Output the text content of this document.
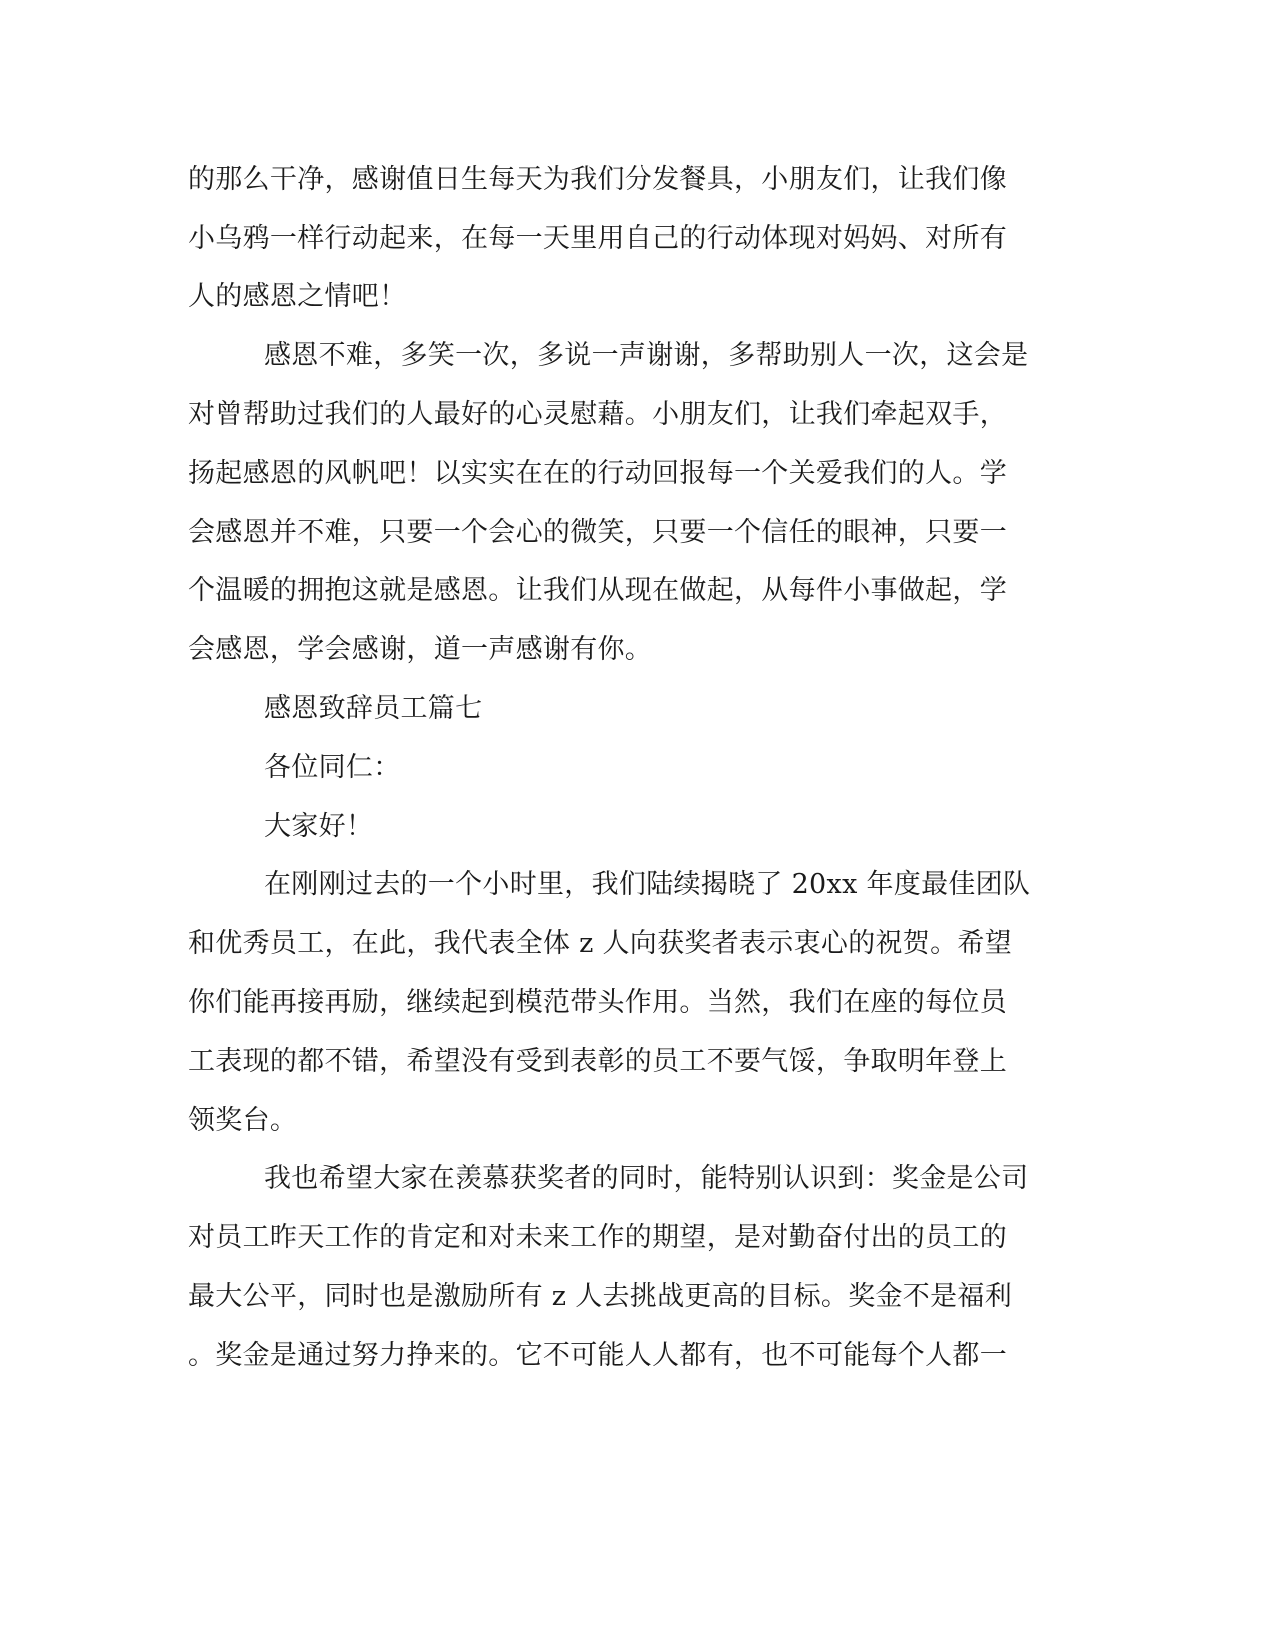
的那么干净，感谢值日生每天为我们分发餐具，小朋友们，让我们像
小乌鸦一样行动起来，在每一天里用自己的行动体现对妈妈、对所有
人的感恩之情吧！
感恩不难，多笑一次，多说一声谢谢，多帮助别人一次，这会是
对曾帮助过我们的人最好的心灵慰藉。小朋友们，让我们牵起双手，
扬起感恩的风帆吧！以实实在在的行动回报每一个关爱我们的人。学
会感恩并不难，只要一个会心的微笑，只要一个信任的眼神，只要一
个温暖的拥抱这就是感恩。让我们从现在做起，从每件小事做起，学
会感恩，学会感谢，道一声感谢有你。
感恩致辞员工篇七
各位同仁：
大家好！
在刚刚过去的一个小时里，我们陆续揭晓了 20xx 年度最佳团队
和优秀员工，在此，我代表全体 z 人向获奖者表示衷心的祝贺。希望
你们能再接再励，继续起到模范带头作用。当然，我们在座的每位员
工表现的都不错，希望没有受到表彰的员工不要气馁，争取明年登上
领奖台。
我也希望大家在羡慕获奖者的同时，能特别认识到：奖金是公司
对员工昨天工作的肯定和对未来工作的期望，是对勤奋付出的员工的
最大公平，同时也是激励所有 z 人去挑战更高的目标。奖金不是福利
。奖金是通过努力挣来的。它不可能人人都有，也不可能每个人都一
